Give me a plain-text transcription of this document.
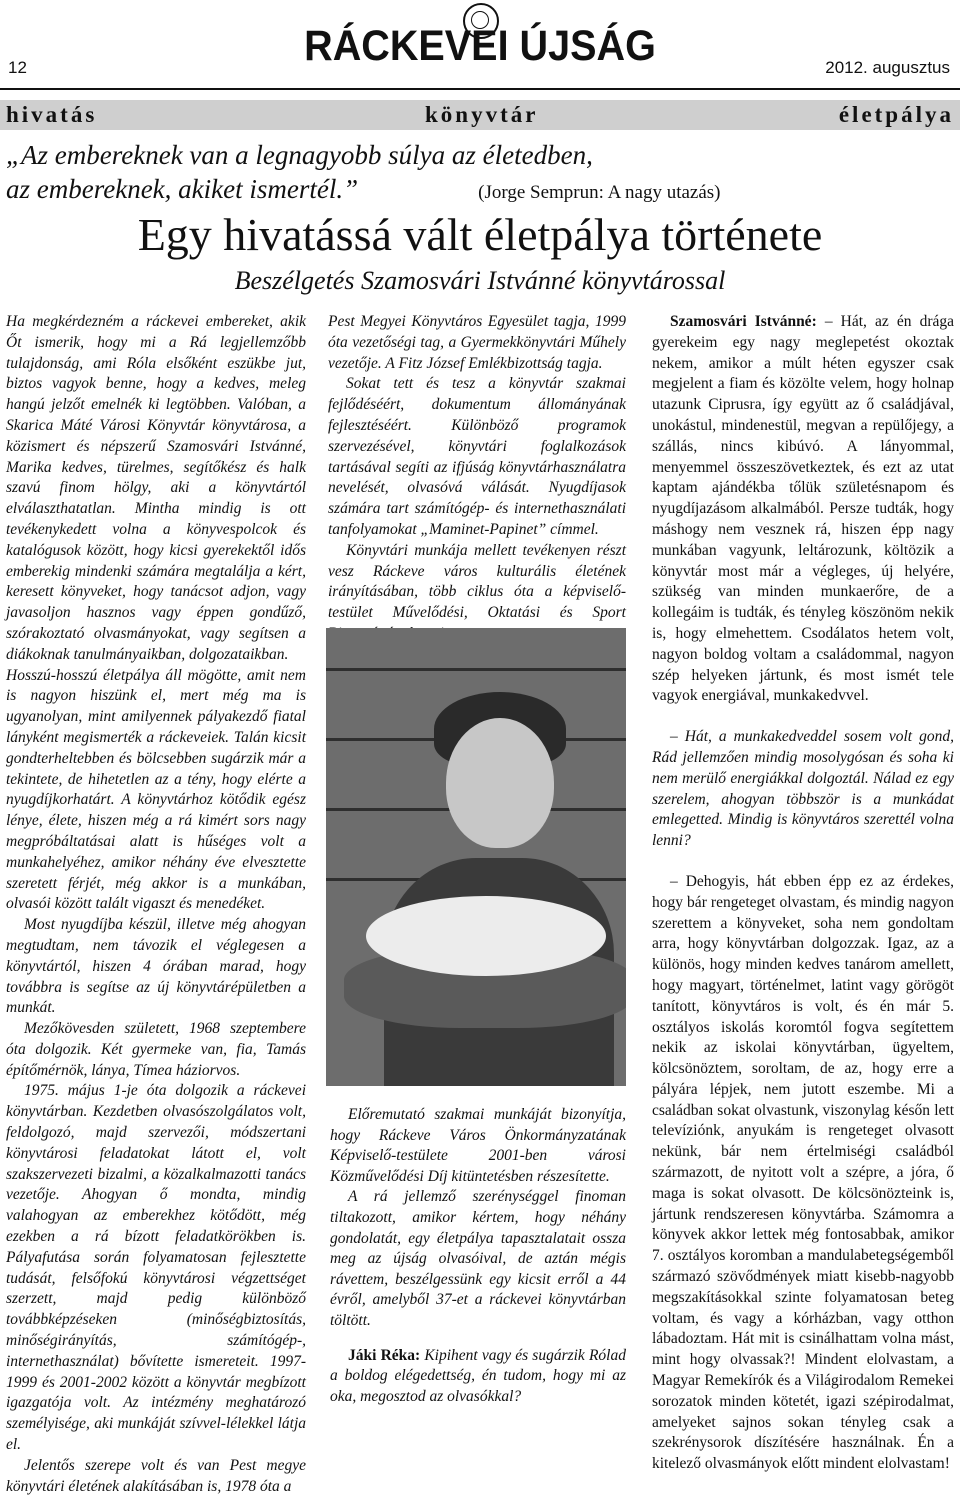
12	RÁCKEVEI ÚJSÁG	2012. augusztus
hivatás	könyvtár	életpálya
„Az embereknek van a legnagyobb súlya az életedben,
az embereknek, akiket ismertél.”	(Jorge Semprun: A nagy utazás)
Egy hivatássá vált életpálya története
Beszélgetés Szamosvári Istvánné könyvtárossal

Ha megkérdezném a ráckevei embereket, akik Őt ismerik, hogy mi a Rá legjellemzőbb tulajdonság, ami Róla elsőként eszükbe jut, biztos vagyok benne, hogy a kedves, meleg hangú jelzőt emelnék ki legtöbben. Valóban, a Skarica Máté Városi Könyvtár könyvtárosa, a közismert és népszerű Szamosvári Istvánné, Marika kedves, türelmes, segítőkész és halk szavú finom hölgy, aki a könyvtártól elválaszthatatlan. Mintha mindig is ott tevékenykedett volna a könyvespolcok és katalógusok között, hogy kicsi gyerekektől idős emberekig mindenki számára megtalálja a kért, keresett könyveket, hogy tanácsot adjon, vagy javasoljon hasznos vagy éppen gondűző, szórakoztató olvasmányokat, vagy segítsen a diákoknak tanulmányaikban, dolgozataikban.

Hosszú-hosszú életpálya áll mögötte, amit nem is nagyon hiszünk el, mert még ma is ugyanolyan, mint amilyennek pályakezdő fiatal lányként megismerték a ráckeveiek. Talán kicsit gondterheltebben és bölcsebben sugárzik már a tekintete, de hihetetlen az a tény, hogy elérte a nyugdíjkorhatárt. A könyvtárhoz kötődik egész lénye, élete, hiszen még a rá kimért sors nagy megpróbáltatásai alatt is hűséges volt a munkahelyéhez, amikor néhány éve elvesztette szeretett férjét, még akkor is a munkában, olvasói között talált vigaszt és menedéket.

Most nyugdíjba készül, illetve még ahogyan megtudtam, nem távozik el véglegesen a könyvtártól, hiszen 4 órában marad, hogy továbbra is segítse az új könyvtárépületben a munkát.

Mezőkövesden született, 1968 szeptembere óta dolgozik. Két gyermeke van, fia, Tamás építőmérnök, lánya, Tímea háziorvos.

1975. május 1-je óta dolgozik a ráckevei könyvtárban. Kezdetben olvasószolgálatos volt, feldolgozó, majd szervezői, módszertani könyvtárosi feladatokat látott el, volt szakszervezeti bizalmi, a közalkalmazotti tanács vezetője. Ahogyan ő mondta, mindig valahogyan az emberekhez kötődött, még ezekben a rá bízott feladatkörökben is. Pályafutása során folyamatosan fejlesztette tudását, felsőfokú könyvtárosi végzettséget szerzett, majd pedig különböző továbbképzéseken (minőségbiztosítás, minőségirányítás, számítógép-, internethasználat) bővítette ismereteit. 1997-1999 és 2001-2002 között a könyvtár megbízott igazgatója volt. Az intézmény meghatározó személyisége, aki munkáját szívvel-lélekkel látja el.

Jelentős szerepe volt és van Pest megye könyvtári életének alakításában is, 1978 óta a

Pest Megyei Könyvtáros Egyesület tagja, 1999 óta vezetőségi tag, a Gyermekkönyvtári Műhely vezetője. A Fitz József Emlékbizottság tagja.

Sokat tett és tesz a könyvtár szakmai fejlődéséért, dokumentum állományának fejlesztéséért. Különböző programok szervezésével, könyvtári foglalkozások tartásával segíti az ifjúság könyvtárhasználatra nevelését, olvasóvá válását. Nyugdíjasok számára tart számítógép- és internethasználati tanfolyamokat „Maminet-Papinet” címmel.

Könyvtári munkája mellett tevékenyen részt vesz Ráckeve város kulturális életének irányításában, több ciklus óta a képviselő-testület Művelődési, Oktatási és Sport

Előremutató szakmai munkáját bizonyítja, hogy Ráckeve Város Önkormányzatának Képviselő-testülete 2001-ben városi Közművelődési Díj kitüntetésben részesítette.

A rá jellemző szerénységgel finoman tiltakozott, amikor kértem, hogy néhány gondolatát, egy életpálya tapasztalatait ossza meg az újság olvasóival, de aztán mégis rávettem, beszélgessünk egy kicsit erről a 44 évről, amelyből 37-et a ráckevei könyvtárban töltött.

Jáki Réka: Kipihent vagy és sugárzik Rólad a boldog elégedettség, én tudom, hogy mi az oka, megosztod az olvasókkal?

Szamosvári Istvánné: – Hát, az én drága gyerekeim egy nagy meglepetést okoztak nekem, amikor a múlt héten egyszer csak megjelent a fiam és közölte velem, hogy holnap utazunk Ciprusra, így együtt az ő családjával, unokástul, mindenestül, megvan a repülőjegy, a szállás, nincs kibúvó. A lányommal, menyemmel összeszövetkeztek, és ezt az utat kaptam ajándékba tőlük születésnapom és nyugdíjazásom alkalmából. Persze tudták, hogy máshogy nem vesznek rá, hiszen épp nagy munkában vagyunk, leltározunk, költözik a könyvtár most már a végleges, új helyére, szükség van minden munkaerőre, de a kollegáim is tudták, és tényleg köszönöm nekik is, hogy elmehettem. Csodálatos hetem volt, nagyon boldog voltam a családommal, nagyon szép helyeken jártunk, és most ismét tele vagyok energiával, munkakedvvel.

– Hát, a munkakedveddel sosem volt gond, Rád jellemzően mindig mosolygósan és soha ki nem merülő energiákkal dolgoztál. Nálad ez egy szerelem, ahogyan többször is a munkádat emlegetted. Mindig is könyvtáros szerettél volna lenni?

– Dehogyis, hát ebben épp ez az érdekes, hogy bár rengeteget olvastam, és mindig nagyon szerettem a könyveket, soha nem gondoltam arra, hogy könyvtárban dolgozzak. Igaz, az a különös, hogy minden kedves tanárom amellett, hogy magyart, történelmet, latint vagy görögöt tanított, könyvtáros is volt, és én már 5. osztályos iskolás koromtól fogva segítettem nekik az iskolai könyvtárban, ügyeltem, kölcsönöztem, soroltam, de az, hogy erre a pályára lépjek, nem jutott eszembe. Mi a családban sokat olvastunk, viszonylag későn lett televíziónk, anyukám is rengeteget olvasott nekünk, bár nem értelmiségi családból származott, de nyitott volt a szépre, a jóra, ő maga is sokat olvasott. De kölcsönözteink is, jártunk rendszeresen könyvtárba. Számomra a könyvek akkor lettek még fontosabbak, amikor 7. osztályos koromban a mandulabetegségemből származó szövődmények miatt kisebb-nagyobb megszakításokkal szinte folyamatosan beteg voltam, és vagy a kórházban, vagy otthon lábadoztam. Hát mit is csinálhattam volna mást, mint hogy olvassak?! Mindent elolvastam, a Magyar Remekírók és a Világirodalom Remekei sorozatok minden kötetét, igazi szépirodalmat, amelyeket sajnos sokan tényleg csak a szekrénysorok díszítésére használnak. Én a kitelező olvasmányok előtt mindent elolvastam!
